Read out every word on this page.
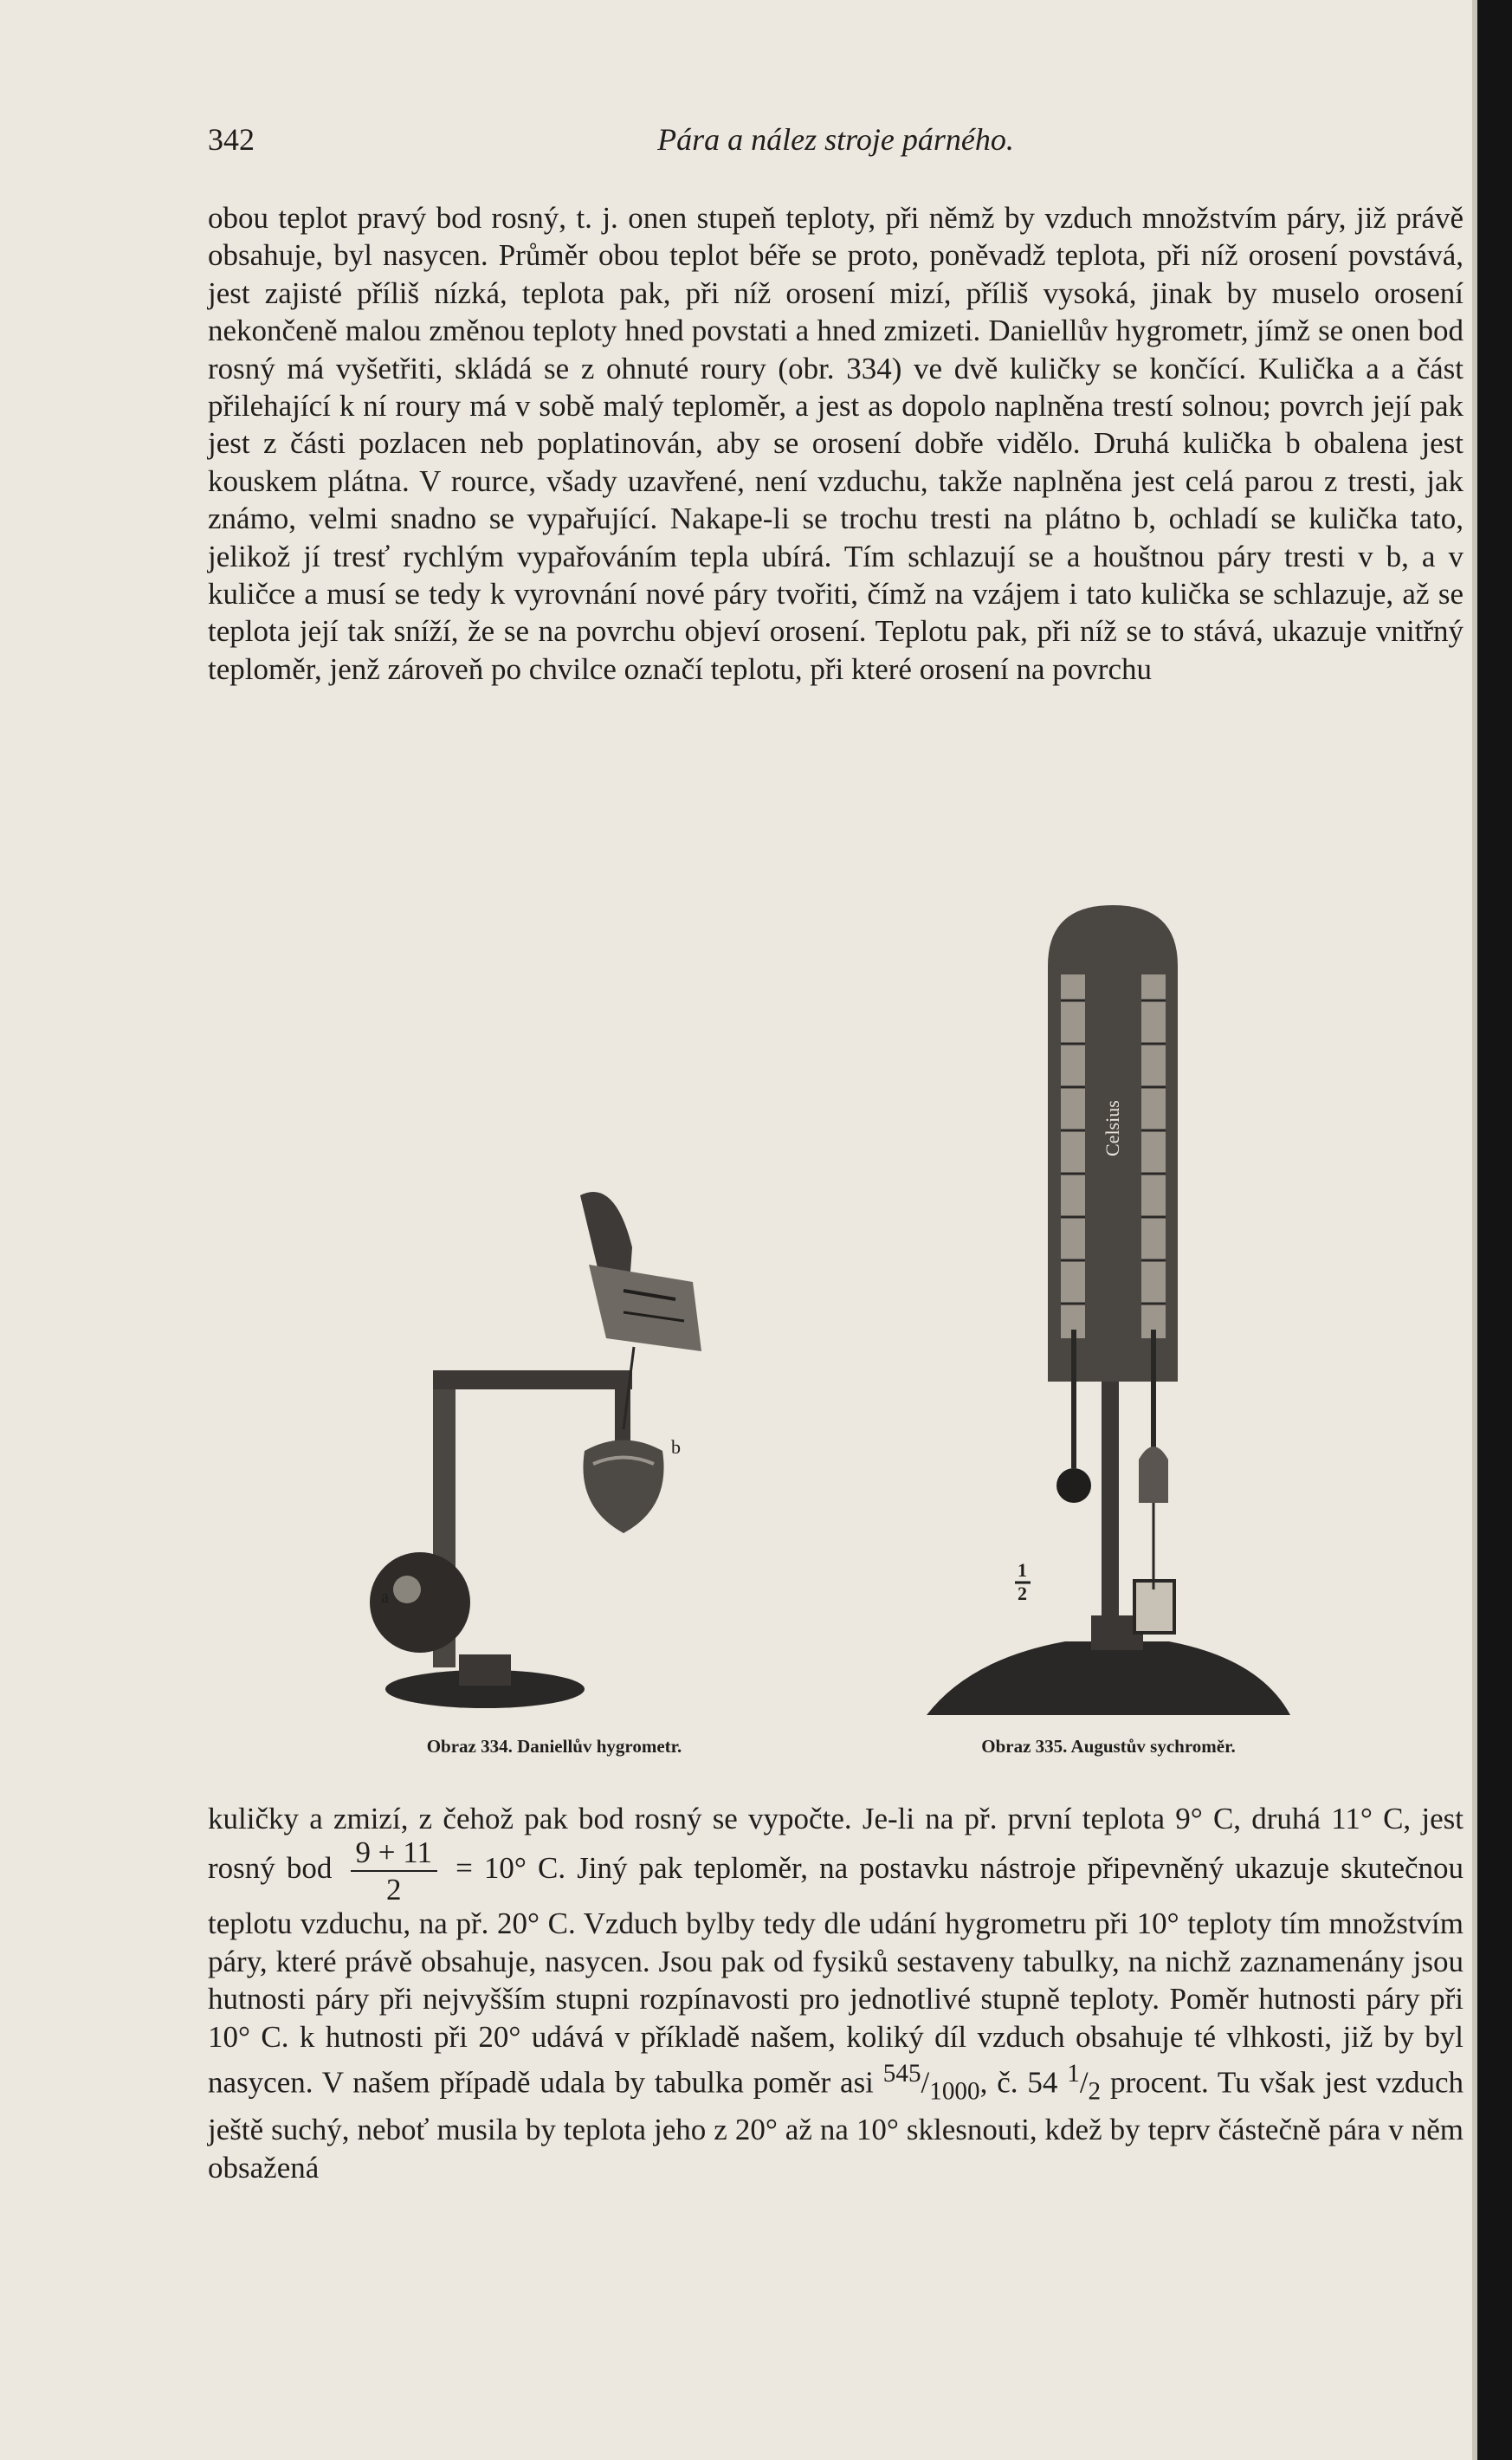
342	Pára a nález stroje párného.

obou teplot pravý bod rosný, t. j. onen stupeň teploty, při němž by vzduch množstvím páry, již právě obsahuje, byl nasycen. Průměr obou teplot béře se proto, poněvadž teplota, při níž orosení povstává, jest zajisté příliš nízká, teplota pak, při níž orosení mizí, příliš vysoká, jinak by muselo orosení nekončeně malou změnou teploty hned povstati a hned zmizeti. Daniellův hygrometr, jímž se onen bod rosný má vyšetřiti, skládá se z ohnuté roury (obr. 334) ve dvě kuličky se končící. Kulička a a část přilehající k ní roury má v sobě malý teploměr, a jest as dopolo naplněna trestí solnou; povrch její pak jest z části pozlacen neb poplatinován, aby se orosení dobře vidělo. Druhá kulička b obalena jest kouskem plátna. V rource, všady uzavřené, není vzduchu, takže naplněna jest celá parou z tresti, jak známo, velmi snadno se vypařující. Nakape-li se trochu tresti na plátno b, ochladí se kulička tato, jelikož jí tresť rychlým vypařováním tepla ubírá. Tím schlazují se a houštnou páry tresti v b, a v kuličce a musí se tedy k vyrovnání nové páry tvořiti, čímž na vzájem i tato kulička se schlazuje, až se teplota její tak sníží, že se na povrchu objeví orosení. Teplotu pak, při níž se to stává, ukazuje vnitřný teploměr, jenž zároveň po chvilce označí teplotu, při které orosení na povrchu

a
b
Celsius
1
2
Obraz 334. Daniellův hygrometr.	Obraz 335. Augustův sychroměr.

kuličky a zmizí, z čehož pak bod rosný se vypočte. Je-li na př. první teplota 9° C, druhá 11° C, jest rosný bod $\frac{9 + 11}{2} = 10^\circ$ C. Jiný pak teploměr, na postavku nástroje připevněný ukazuje skutečnou teplotu vzduchu, na př. 20° C. Vzduch bylby tedy dle udání hygrometru při 10° teploty tím množstvím páry, které právě obsahuje, nasycen. Jsou pak od fysiků sestaveny tabulky, na nichž zaznamenány jsou hutnosti páry při nejvyšším stupni rozpínavosti pro jednotlivé stupně teploty. Poměr hutnosti páry při 10° C. k hutnosti při 20° udává v příkladě našem, koliký díl vzduch obsahuje té vlhkosti, již by byl nasycen. V našem případě udala by tabulka poměr asi $^{545}/_{1000}$, č. 54 $^1/_2$ procent. Tu však jest vzduch ještě suchý, neboť musila by teplota jeho z 20° až na 10° sklesnouti, kdež by teprv částečně pára v něm obsažená
